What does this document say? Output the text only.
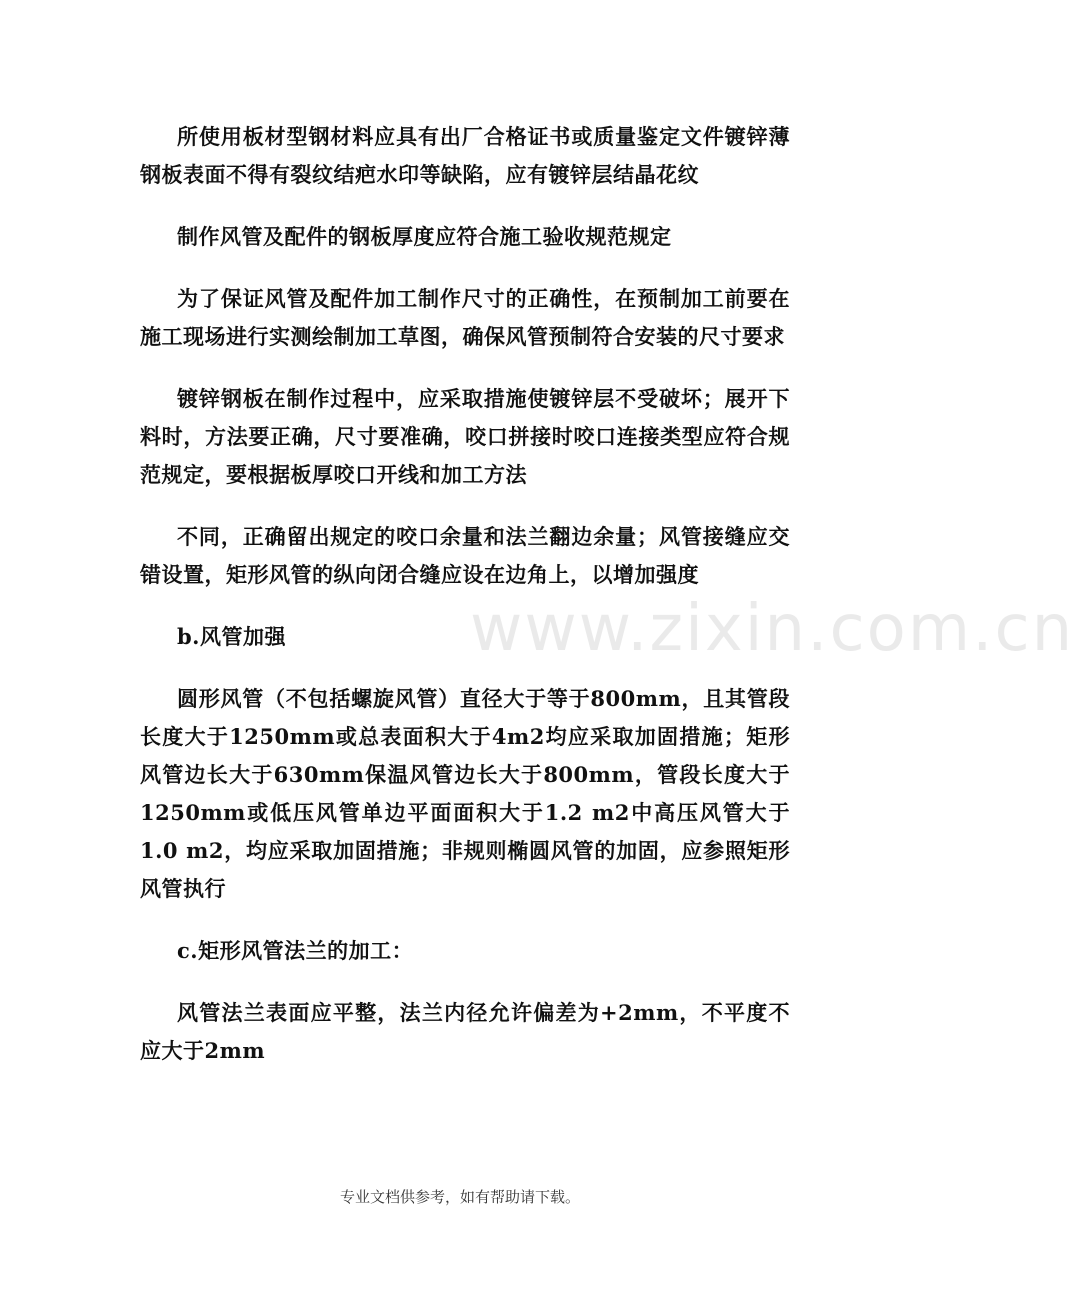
所使用板材型钢材料应具有出厂合格证书或质量鉴定文件镀锌薄钢板表面不得有裂纹结疤水印等缺陷，应有镀锌层结晶花纹

制作风管及配件的钢板厚度应符合施工验收规范规定

为了保证风管及配件加工制作尺寸的正确性，在预制加工前要在施工现场进行实测绘制加工草图，确保风管预制符合安装的尺寸要求

镀锌钢板在制作过程中，应采取措施使镀锌层不受破坏；展开下料时，方法要正确，尺寸要准确，咬口拼接时咬口连接类型应符合规范规定，要根据板厚咬口开线和加工方法

不同，正确留出规定的咬口余量和法兰翻边余量；风管接缝应交错设置，矩形风管的纵向闭合缝应设在边角上，以增加强度

b.风管加强

圆形风管（不包括螺旋风管）直径大于等于800mm，且其管段长度大于1250mm或总表面积大于4m2均应采取加固措施；矩形风管边长大于630mm保温风管边长大于800mm，管段长度大于1250mm或低压风管单边平面面积大于1.2 m2中高压风管大于1.0 m2，均应采取加固措施；非规则椭圆风管的加固，应参照矩形风管执行

c.矩形风管法兰的加工：

风管法兰表面应平整，法兰内径允许偏差为+2mm，不平度不应大于2mm

www.zixin.com.cn
专业文档供参考，如有帮助请下载。
